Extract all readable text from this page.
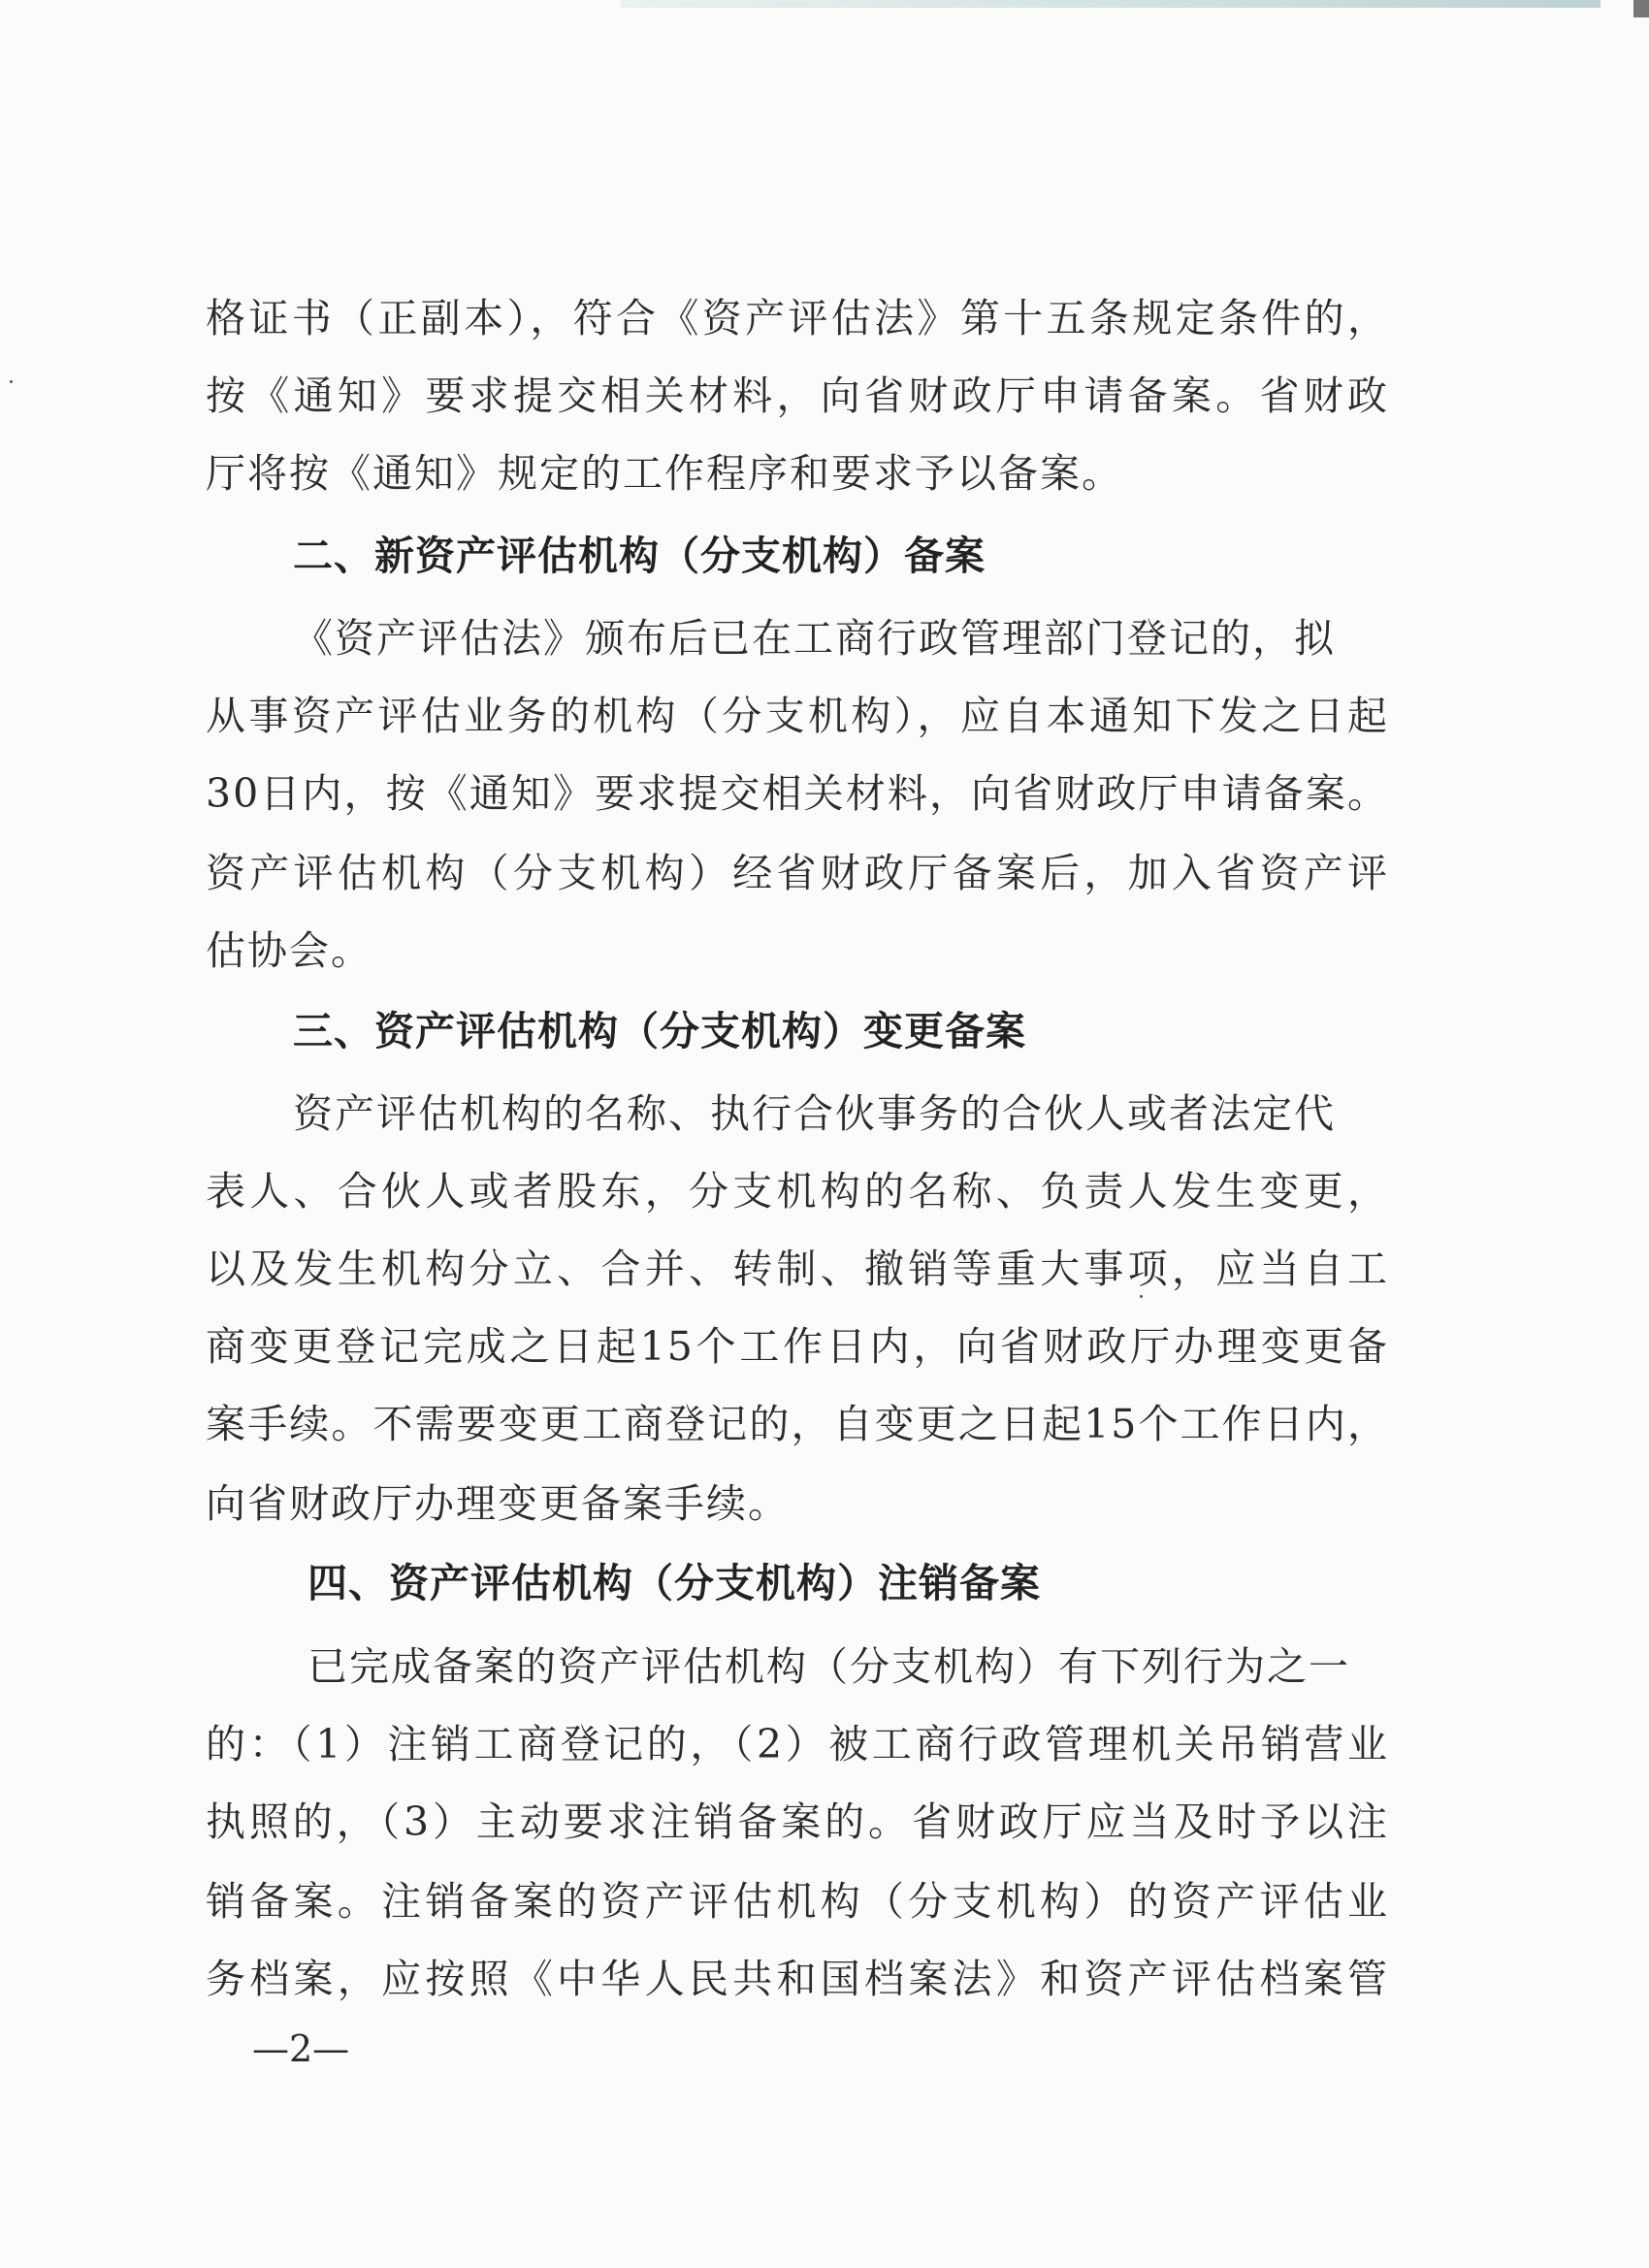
格证书（正副本），符合《资产评估法》第十五条规定条件的，
按《通知》要求提交相关材料，向省财政厅申请备案。省财政
厅将按《通知》规定的工作程序和要求予以备案。
二、新资产评估机构（分支机构）备案
《资产评估法》颁布后已在工商行政管理部门登记的，拟
从事资产评估业务的机构（分支机构），应自本通知下发之日起
30日内，按《通知》要求提交相关材料，向省财政厅申请备案。
资产评估机构（分支机构）经省财政厅备案后，加入省资产评
估协会。
三、资产评估机构（分支机构）变更备案
资产评估机构的名称、执行合伙事务的合伙人或者法定代
表人、合伙人或者股东，分支机构的名称、负责人发生变更，
以及发生机构分立、合并、转制、撤销等重大事项，应当自工
商变更登记完成之日起15个工作日内，向省财政厅办理变更备
案手续。不需要变更工商登记的，自变更之日起15个工作日内，
向省财政厅办理变更备案手续。
四、资产评估机构（分支机构）注销备案
已完成备案的资产评估机构（分支机构）有下列行为之一
的：（1）注销工商登记的，（2）被工商行政管理机关吊销营业
执照的，（3）主动要求注销备案的。省财政厅应当及时予以注
销备案。注销备案的资产评估机构（分支机构）的资产评估业
务档案，应按照《中华人民共和国档案法》和资产评估档案管
—2—
